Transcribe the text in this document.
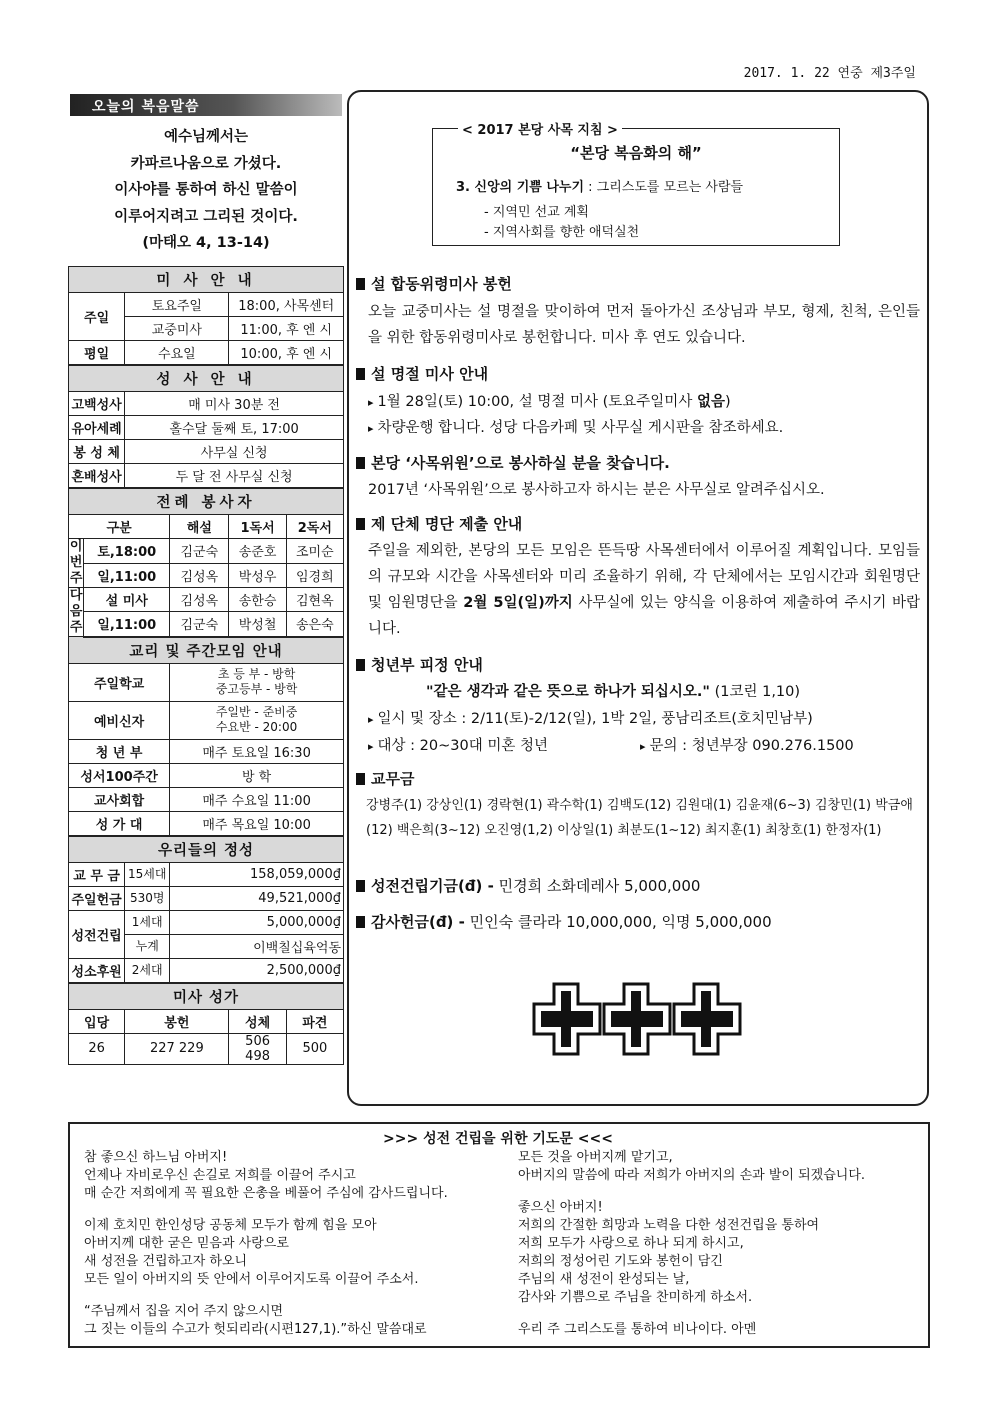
2017. 1. 22 연중 제3주일
오늘의 복음말씀
예수님께서는
카파르나움으로 가셨다.
이사야를 통하여 하신 말씀이
이루어지려고 그리된 것이다.
(마태오 4, 13-14)
미 사 안 내					
주일		토요주일		18:00, 사목센터	
		교중미사		11:00, 후 엔 시	
평일		수요일		10:00, 후 엔 시	
성 사 안 내					
고백성사		매 미사 30분 전			
유아세례		홀수달 둘째 토, 17:00			
봉 성 체		사무실 신청			
혼배성사		두 달 전 사무실 신청			
전례 봉사자					
구분			해설	1독서	2독서
이번주	토,18:00		김군숙	송준호	조미순
	일,11:00		김성옥	박성우	임경희
다음주	설 미사		김성옥	송한승	김현옥
	일,11:00		김군숙	박성철	송은숙
교리 및 주간모임 안내					
주일학교			초 등 부 - 방학
중고등부 - 방학		

예비신자			주일반 - 준비중
수요반 - 20:00		

청 년 부			매주 토요일 16:30		
성서100주간			방 학		
교사회합			매주 수요일 11:00		
성 가 대			매주 목요일 10:00		
우리들의 정성					
교 무 금		15세대	158,059,000₫		
주일헌금		530명	49,521,000₫		
성전건립		1세대	5,000,000₫		
		누계	이백칠십육억동		
성소후원		2세대	2,500,000₫		
미사 성가					
입당		봉헌		성체	파견
26		227 229		506 498	500
< 2017 본당 사목 지침 >
“본당 복음화의 해”
3. 신앙의 기쁨 나누기 : 그리스도를 모르는 사람들
- 지역민 선교 계획
- 지역사회를 향한 애덕실천
설 합동위령미사 봉헌
오늘 교중미사는 설 명절을 맞이하여 먼저 돌아가신 조상님과 부모, 형제, 친척, 은인들을 위한 합동위령미사로 봉헌합니다. 미사 후 연도 있습니다.
설 명절 미사 안내
▸ 1월 28일(토) 10:00, 설 명절 미사 (토요주일미사 없음)
▸ 차량운행 합니다. 성당 다음카페 및 사무실 게시판을 참조하세요.
본당 ‘사목위원’으로 봉사하실 분을 찾습니다.
2017년 ‘사목위원’으로 봉사하고자 하시는 분은 사무실로 알려주십시오.
제 단체 명단 제출 안내
주일을 제외한, 본당의 모든 모임은 뜬득땅 사목센터에서 이루어질 계획입니다. 모임들의 규모와 시간을 사목센터와 미리 조율하기 위해, 각 단체에서는 모임시간과 회원명단 및 임원명단을 2월 5일(일)까지 사무실에 있는 양식을 이용하여 제출하여 주시기 바랍니다.
청년부 피정 안내
"같은 생각과 같은 뜻으로 하나가 되십시오." (1코린 1,10)
▸ 일시 및 장소 : 2/11(토)-2/12(일), 1박 2일, 풍남리조트(호치민남부)
▸ 대상 : 20~30대 미혼 청년	▸ 문의 : 청년부장 090.276.1500
교무금
강병주(1) 강상인(1) 경락현(1) 곽수학(1) 김백도(12) 김원대(1) 김윤재(6~3) 김창민(1) 박금애(12) 백은희(3~12) 오진영(1,2) 이상일(1) 최분도(1~12) 최지훈(1) 최창호(1) 한정자(1)
성전건립기금(đ) - 민경희 소화데레사 5,000,000
감사헌금(đ) - 민인숙 클라라 10,000,000, 익명 5,000,000
>>> 성전 건립을 위한 기도문 <<<
참 좋으신 하느님 아버지!
언제나 자비로우신 손길로 저희를 이끌어 주시고
매 순간 저희에게 꼭 필요한 은총을 베풀어 주심에 감사드립니다.
이제 호치민 한인성당 공동체 모두가 함께 힘을 모아
아버지께 대한 굳은 믿음과 사랑으로
새 성전을 건립하고자 하오니
모든 일이 아버지의 뜻 안에서 이루어지도록 이끌어 주소서.
“주님께서 집을 지어 주지 않으시면
그 짓는 이들의 수고가 헛되리라(시편127,1).”하신 말씀대로
모든 것을 아버지께 맡기고,
아버지의 말씀에 따라 저희가 아버지의 손과 발이 되겠습니다.
좋으신 아버지!
저희의 간절한 희망과 노력을 다한 성전건립을 통하여
저희 모두가 사랑으로 하나 되게 하시고,
저희의 정성어린 기도와 봉헌이 담긴
주님의 새 성전이 완성되는 날,
감사와 기쁨으로 주님을 찬미하게 하소서.
우리 주 그리스도를 통하여 비나이다. 아멘
